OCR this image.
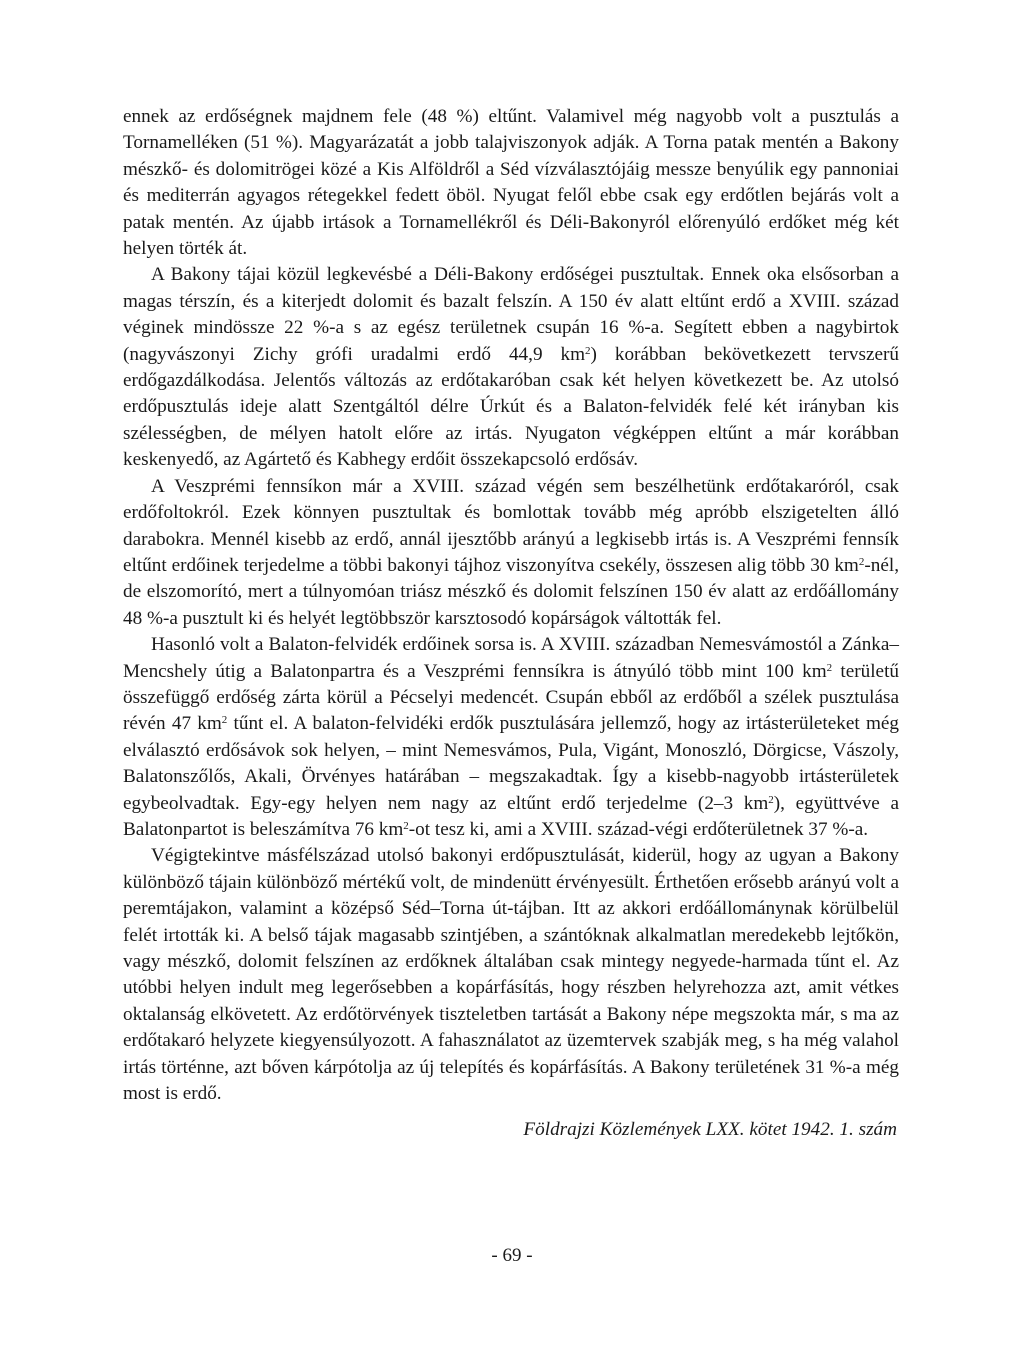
ennek az erdőségnek majdnem fele (48 %) eltűnt. Valamivel még nagyobb volt a pusztulás a Tornamelléken (51 %). Magyarázatát a jobb talajviszonyok adják. A Torna patak mentén a Bakony mészkő- és dolomitrögei közé a Kis Alföldről a Séd vízválasztójáig messze benyúlik egy pannoniai és mediterrán agyagos rétegekkel fedett öböl. Nyugat felől ebbe csak egy erdőtlen bejárás volt a patak mentén. Az újabb irtások a Tornamellékről és Déli-Bakonyról előrenyúló erdőket még két helyen törték át.

A Bakony tájai közül legkevésbé a Déli-Bakony erdőségei pusztultak. Ennek oka elsősorban a magas térszín, és a kiterjedt dolomit és bazalt felszín. A 150 év alatt eltűnt erdő a XVIII. század véginek mindössze 22 %-a s az egész területnek csupán 16 %-a. Segített ebben a nagybirtok (nagyvászonyi Zichy grófi uradalmi erdő 44,9 $km^2$) korábban bekövetkezett tervszerű erdőgazdálkodása. Jelentős változás az erdőtakaróban csak két helyen következett be. Az utolsó erdőpusztulás ideje alatt Szentgáltól délre Úrkút és a Balaton-felvidék felé két irányban kis szélességben, de mélyen hatolt előre az irtás. Nyugaton végképpen eltűnt a már korábban keskenyedő, az Agártető és Kabhegy erdőit összekapcsoló erdősáv.

A Veszprémi fennsíkon már a XVIII. század végén sem beszélhetünk erdőtakaróról, csak erdőfoltokról. Ezek könnyen pusztultak és bomlottak tovább még apróbb elszigetelten álló darabokra. Mennél kisebb az erdő, annál ijesztőbb arányú a legkisebb irtás is. A Veszprémi fennsík eltűnt erdőinek terjedelme a többi bakonyi tájhoz viszonyítva csekély, összesen alig több 30 $km^2$-nél, de elszomorító, mert a túlnyomóan triász mészkő és dolomit felszínen 150 év alatt az erdőállomány 48 %-a pusztult ki és helyét legtöbbször karsztosodó kopárságok váltották fel.

Hasonló volt a Balaton-felvidék erdőinek sorsa is. A XVIII. században Nemesvámostól a Zánka–Mencshely útig a Balatonpartra és a Veszprémi fennsíkra is átnyúló több mint 100 $km^2$ területű összefüggő erdőség zárta körül a Pécselyi medencét. Csupán ebből az erdőből a szélek pusztulása révén 47 $km^2$ tűnt el. A balaton-felvidéki erdők pusztulására jellemző, hogy az irtásterületeket még elválasztó erdősávok sok helyen, – mint Nemesvámos, Pula, Vigánt, Monoszló, Dörgicse, Vászoly, Balatonszőlős, Akali, Örvényes határában – megszakadtak. Így a kisebb-nagyobb irtásterületek egybeolvadtak. Egy-egy helyen nem nagy az eltűnt erdő terjedelme (2–3 $km^2$), együttvéve a Balatonpartot is beleszámítva 76 $km^2-ot$ tesz ki, ami a XVIII. század-végi erdőterületnek 37 %-a.

Végigtekintve másfélszázad utolsó bakonyi erdőpusztulását, kiderül, hogy az ugyan a Bakony különböző tájain különböző mértékű volt, de mindenütt érvényesült. Érthetően erősebb arányú volt a peremtájakon, valamint a középső Séd–Torna út-tájban. Itt az akkori erdőállománynak körülbelül felét irtották ki. A belső tájak magasabb szintjében, a szántóknak alkalmatlan meredekebb lejtőkön, vagy mészkő, dolomit felszínen az erdőknek általában csak mintegy negyede-harmada tűnt el. Az utóbbi helyen indult meg legerősebben a kopárfásítás, hogy részben helyrehozza azt, amit vétkes oktalanság elkövetett. Az erdőtörvények tiszteletben tartását a Bakony népe megszokta már, s ma az erdőtakaró helyzete kiegyensúlyozott. A fahasználatot az üzemtervek szabják meg, s ha még valahol irtás történne, azt bőven kárpótolja az új telepítés és kopárfásítás. A Bakony területének 31 %-a még most is erdő.

Földrajzi Közlemények LXX. kötet 1942. 1. szám

- 69 -
